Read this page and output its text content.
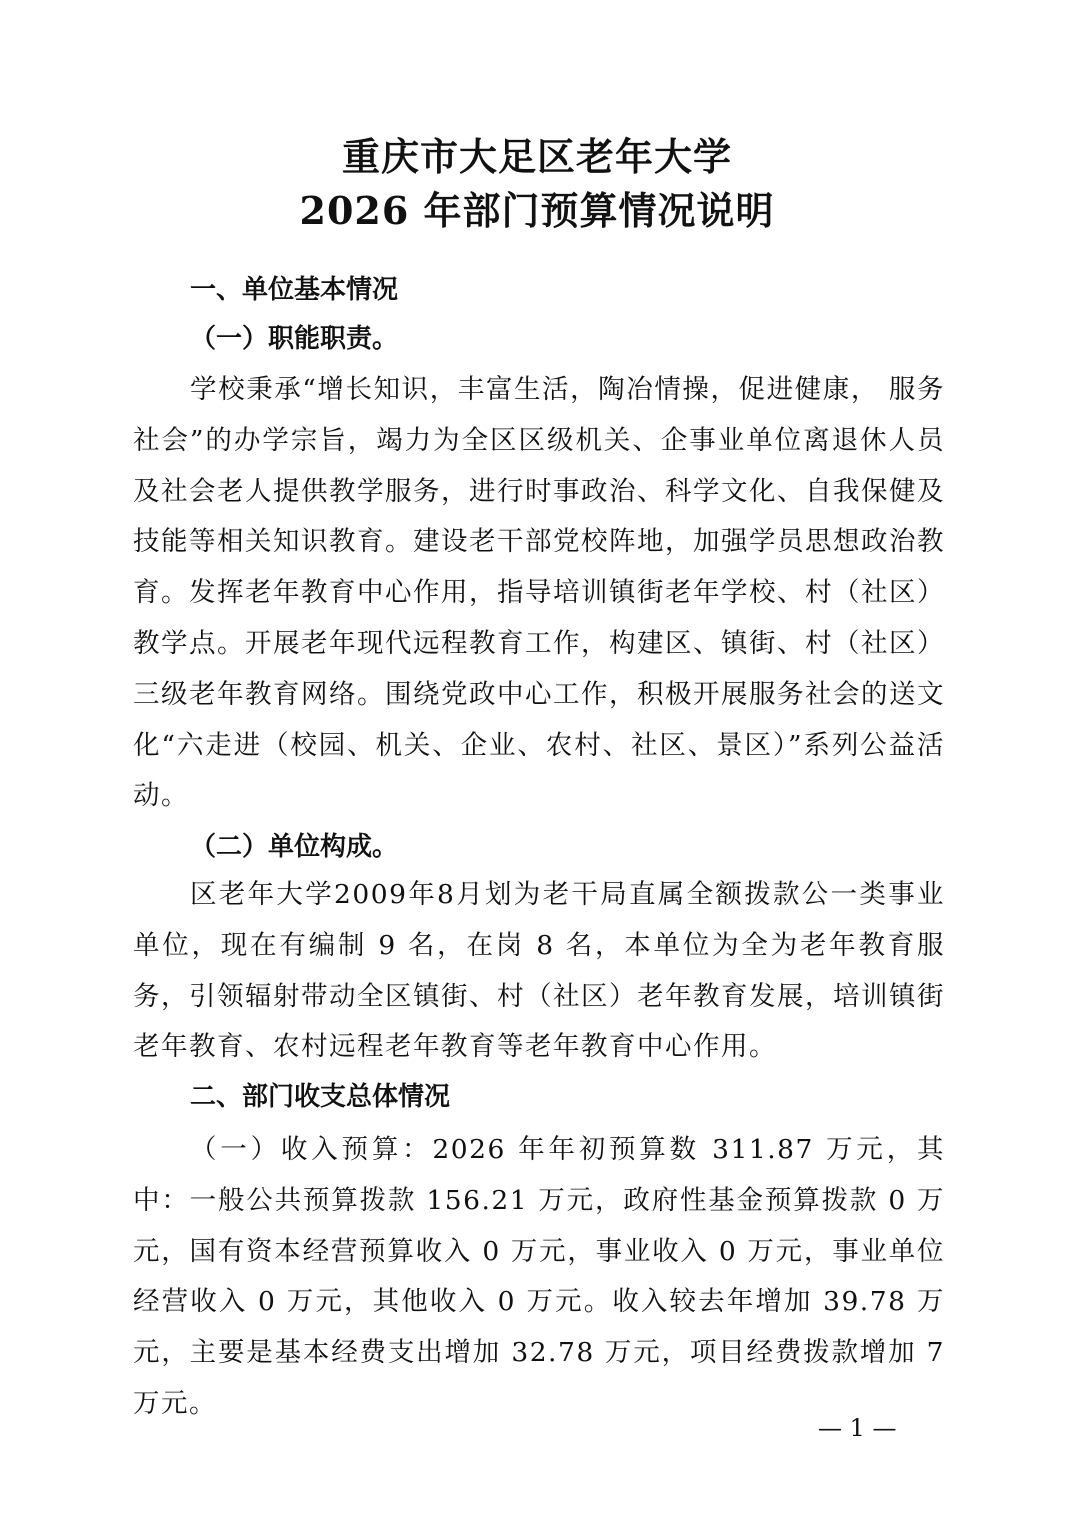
重庆市大足区老年大学
2026 年部门预算情况说明
一、单位基本情况
（一）职能职责。

学校秉承“增长知识，丰富生活，陶冶情操，促进健康， 服务社会”的办学宗旨，竭力为全区区级机关、企事业单位离退休人员及社会老人提供教学服务，进行时事政治、科学文化、自我保健及技能等相关知识教育。建设老干部党校阵地，加强学员思想政治教育。发挥老年教育中心作用，指导培训镇街老年学校、村（社区）教学点。开展老年现代远程教育工作，构建区、镇街、村（社区）三级老年教育网络。围绕党政中心工作，积极开展服务社会的送文化“六走进（校园、机关、企业、农村、社区、景区）”系列公益活动。

（二）单位构成。

区老年大学2009年8月划为老干局直属全额拨款公一类事业单位，现在有编制 9 名，在岗 8 名，本单位为全为老年教育服务，引领辐射带动全区镇街、村（社区）老年教育发展，培训镇街老年教育、农村远程老年教育等老年教育中心作用。

二、部门收支总体情况

（一）收入预算：2026 年年初预算数 311.87 万元，其中：一般公共预算拨款 156.21 万元，政府性基金预算拨款 0 万元，国有资本经营预算收入 0 万元，事业收入 0 万元，事业单位经营收入 0 万元，其他收入 0 万元。收入较去年增加 39.78 万元，主要是基本经费支出增加 32.78 万元，项目经费拨款增加 7 万元。

— 1 —
